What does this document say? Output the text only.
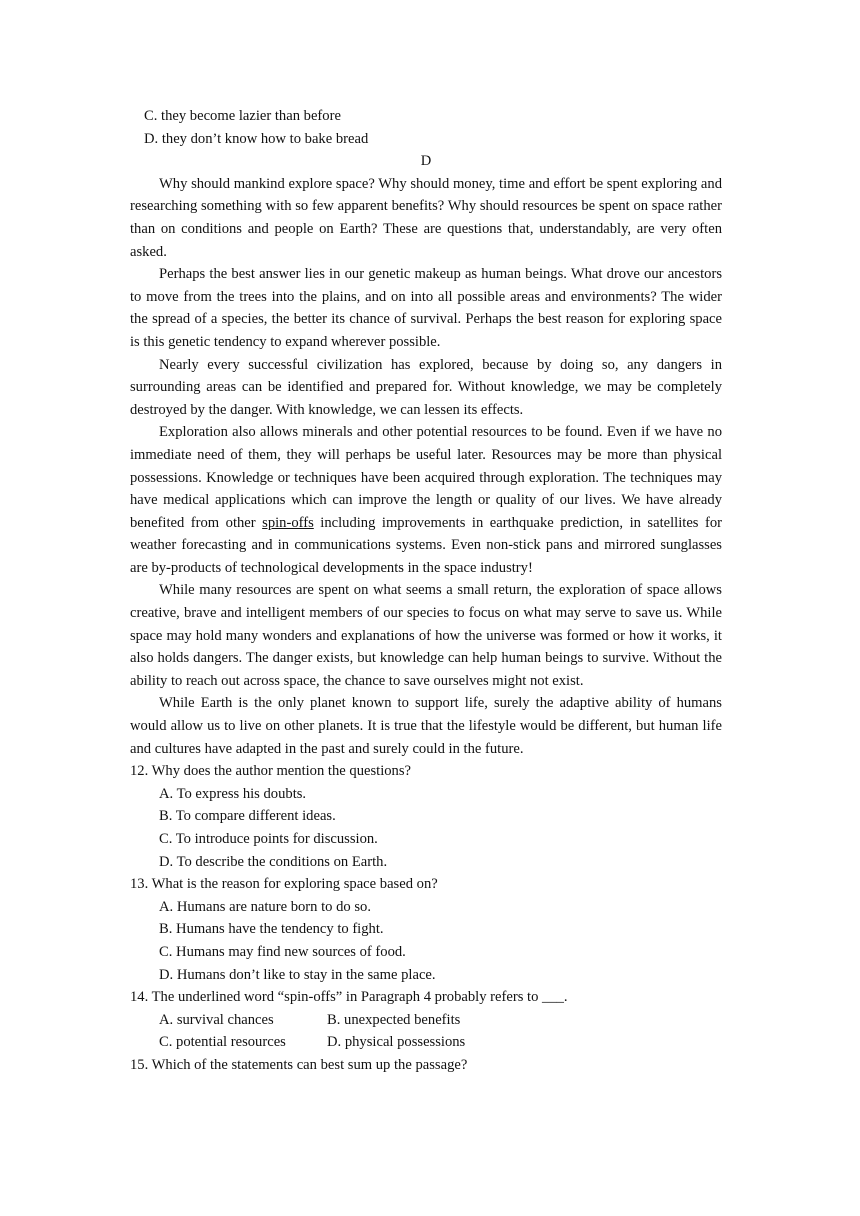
C. they become lazier than before
D. they don’t know how to bake bread
D
Why should mankind explore space? Why should money, time and effort be spent exploring and researching something with so few apparent benefits? Why should resources be spent on space rather than on conditions and people on Earth? These are questions that, understandably, are very often asked.
Perhaps the best answer lies in our genetic makeup as human beings. What drove our ancestors to move from the trees into the plains, and on into all possible areas and environments? The wider the spread of a species, the better its chance of survival. Perhaps the best reason for exploring space is this genetic tendency to expand wherever possible.
Nearly every successful civilization has explored, because by doing so, any dangers in surrounding areas can be identified and prepared for. Without knowledge, we may be completely destroyed by the danger. With knowledge, we can lessen its effects.
Exploration also allows minerals and other potential resources to be found. Even if we have no immediate need of them, they will perhaps be useful later. Resources may be more than physical possessions. Knowledge or techniques have been acquired through exploration. The techniques may have medical applications which can improve the length or quality of our lives. We have already benefited from other spin-offs including improvements in earthquake prediction, in satellites for weather forecasting and in communications systems. Even non-stick pans and mirrored sunglasses are by-products of technological developments in the space industry!
While many resources are spent on what seems a small return, the exploration of space allows creative, brave and intelligent members of our species to focus on what may serve to save us. While space may hold many wonders and explanations of how the universe was formed or how it works, it also holds dangers. The danger exists, but knowledge can help human beings to survive. Without the ability to reach out across space, the chance to save ourselves might not exist.
While Earth is the only planet known to support life, surely the adaptive ability of humans would allow us to live on other planets. It is true that the lifestyle would be different, but human life and cultures have adapted in the past and surely could in the future.
12. Why does the author mention the questions?
A. To express his doubts.
B. To compare different ideas.
C. To introduce points for discussion.
D. To describe the conditions on Earth.
13. What is the reason for exploring space based on?
A. Humans are nature born to do so.
B. Humans have the tendency to fight.
C. Humans may find new sources of food.
D. Humans don’t like to stay in the same place.
14. The underlined word “spin-offs” in Paragraph 4 probably refers to ___.
A. survival chances	B. unexpected benefits
C. potential resources	D. physical possessions
15. Which of the statements can best sum up the passage?
